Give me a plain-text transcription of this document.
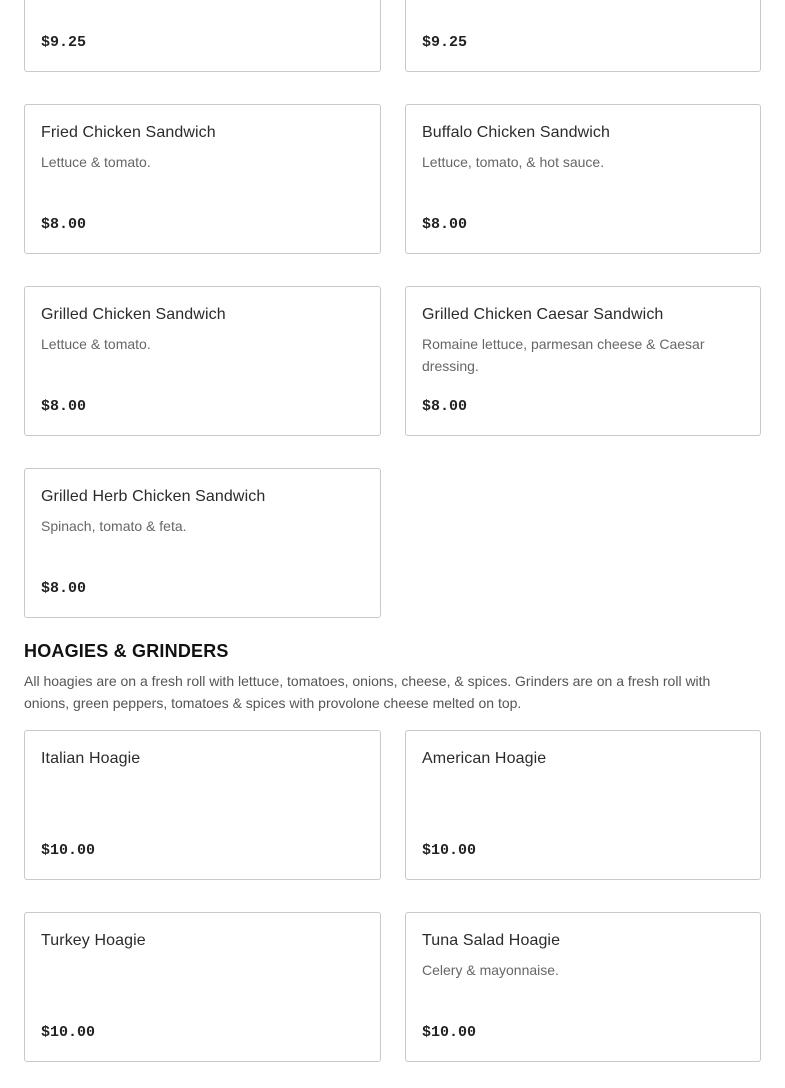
$9.25	$9.25
Fried Chicken Sandwich
Lettuce & tomato.
$8.00
Buffalo Chicken Sandwich
Lettuce, tomato, & hot sauce.
$8.00
Grilled Chicken Sandwich
Lettuce & tomato.
$8.00
Grilled Chicken Caesar Sandwich
Romaine lettuce, parmesan cheese & Caesar dressing.
$8.00
Grilled Herb Chicken Sandwich
Spinach, tomato & feta.
$8.00
HOAGIES & GRINDERS
All hoagies are on a fresh roll with lettuce, tomatoes, onions, cheese, & spices. Grinders are on a fresh roll with onions, green peppers, tomatoes & spices with provolone cheese melted on top.
Italian Hoagie
$10.00
American Hoagie
$10.00
Turkey Hoagie
$10.00
Tuna Salad Hoagie
Celery & mayonnaise.
$10.00
